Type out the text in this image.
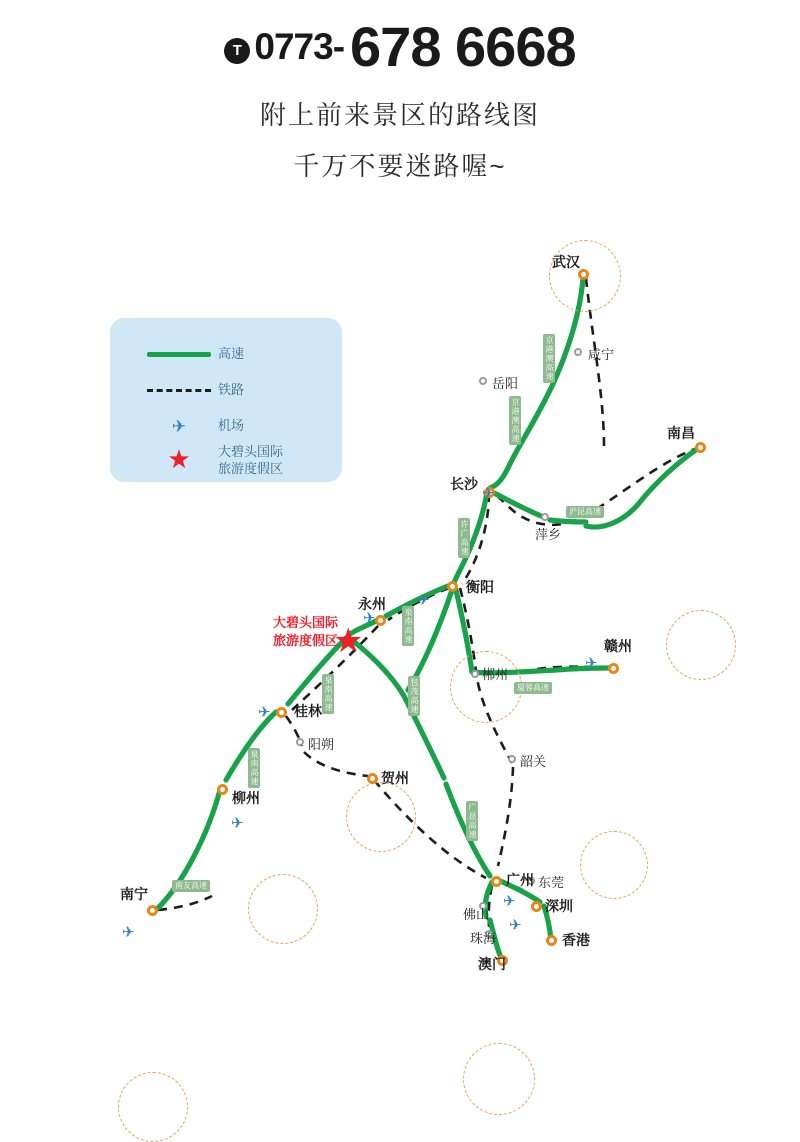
T 0773- 678 6668
附上前来景区的路线图
千万不要迷路喔~
★
大碧头国际
旅游度假区
✈
✈
✈
✈
✈
✈
✈
✈
✈
武汉
咸宁
岳阳
南昌
长沙
萍乡
衡阳
永州
赣州
郴州
桂林
阳朔
韶关
贺州
柳州
广州 东莞
深圳
南宁
佛山
香港
珠海
澳门
京港澳高速
京港澳高速
沪昆高速
许广高速
泉南高速
厦蓉高速
包茂高速
泉南高速
泉南高速
广昆高速
南友高速
高速
铁路
✈	机场
★	大碧头国际
旅游度假区
